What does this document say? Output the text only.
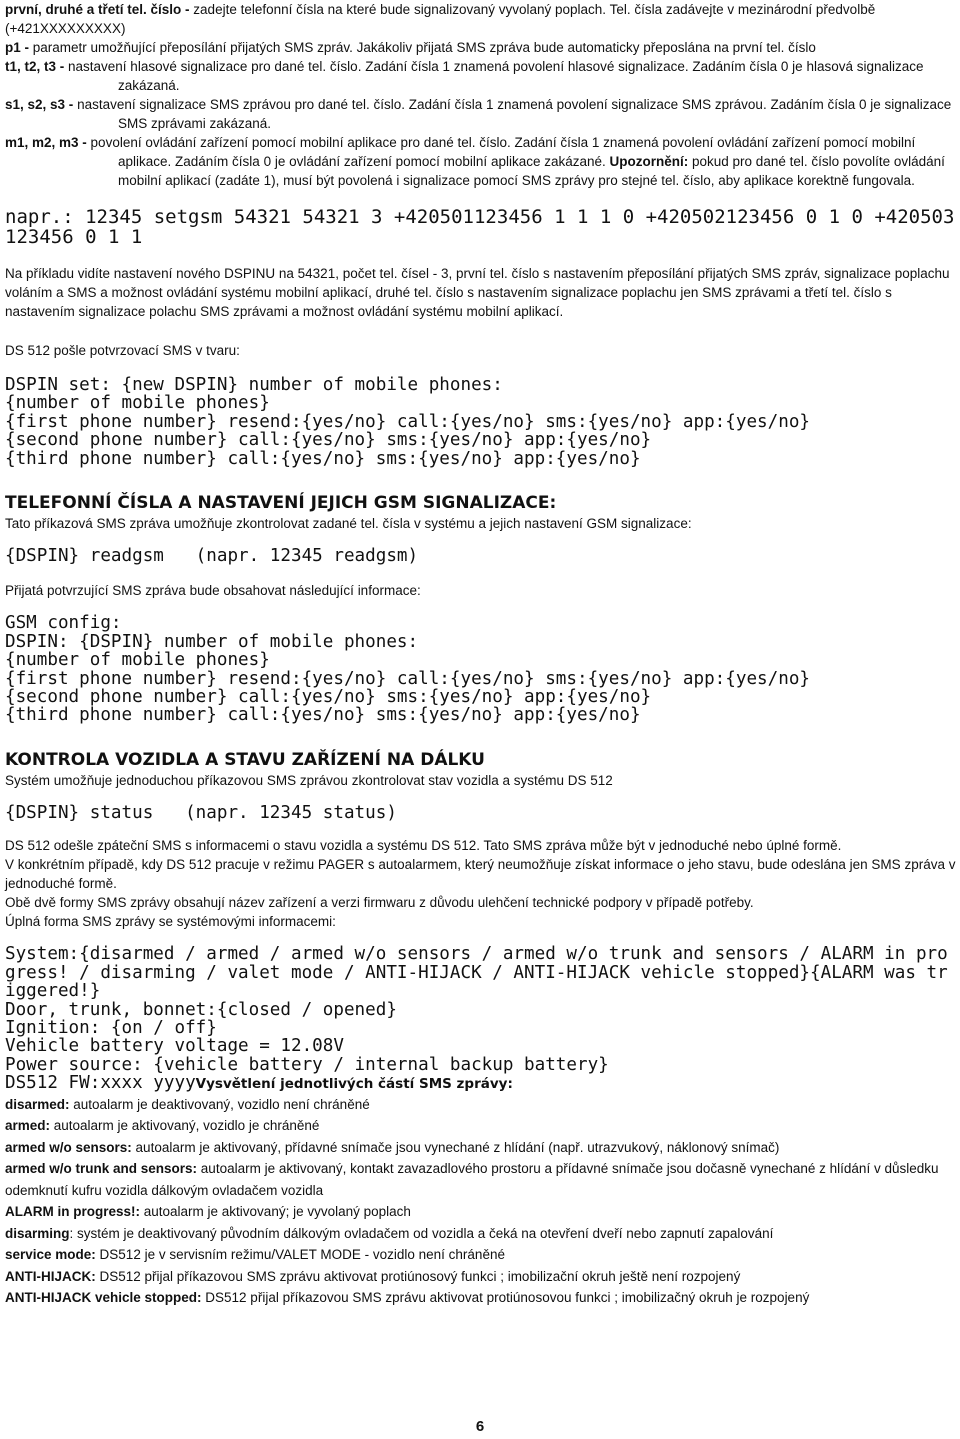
první, druhé a třetí tel. číslo - zadejte telefonní čísla na které bude signalizovaný vyvolaný poplach. Tel. čísla zadávejte v mezinárodní předvolbě (+421XXXXXXXXX)

p1 - parametr umožňující přeposílání přijatých SMS zpráv. Jakákoliv přijatá SMS zpráva bude automaticky přeposlána na první tel. číslo

t1, t2, t3 - nastavení hlasové signalizace pro dané tel. číslo. Zadání čísla 1 znamená povolení hlasové signalizace. Zadáním čísla 0 je hlasová signalizace zakázaná.

s1, s2, s3 - nastavení signalizace SMS zprávou pro dané tel. číslo. Zadání čísla 1 znamená povolení signalizace SMS zprávou. Zadáním čísla 0 je signalizace SMS zprávami zakázaná.

m1, m2, m3 - povolení ovládání zařízení pomocí mobilní aplikace pro dané tel. číslo. Zadání čísla 1 znamená povolení ovládání zařízení pomocí mobilní aplikace. Zadáním čísla 0 je ovládání zařízení pomocí mobilní aplikace zakázané. Upozornění: pokud pro dané tel. číslo povolíte ovládání mobilní aplikací (zadáte 1), musí být povolená i signalizace pomocí SMS zprávy pro stejné tel. číslo, aby aplikace korektně fungovala.

napr.: 12345 setgsm 54321 54321 3 +420501123456 1 1 1 0 +420502123456 0 1 0 +420503123456 0 1 1

Na příkladu vidíte nastavení nového DSPINU na 54321, počet tel. čísel - 3, první tel. číslo s nastavením přeposílání přijatých SMS zpráv, signalizace poplachu voláním a SMS a možnost ovládání systému mobilní aplikací, druhé tel. číslo s nastavením signalizace poplachu jen SMS zprávami a třetí tel. číslo s nastavením signalizace polachu SMS zprávami a možnost ovládání systému mobilní aplikací.

DS 512 pošle potvrzovací SMS v tvaru:

DSPIN set: {new DSPIN} number of mobile phones:

{number of mobile phones}

{first phone number} resend:{yes/no} call:{yes/no} sms:{yes/no} app:{yes/no}

{second phone number} call:{yes/no} sms:{yes/no} app:{yes/no}

{third phone number} call:{yes/no} sms:{yes/no} app:{yes/no}

TELEFONNÍ ČÍSLA A NASTAVENÍ JEJICH GSM SIGNALIZACE:

Tato příkazová SMS zpráva umožňuje zkontrolovat zadané tel. čísla v systému a jejich nastavení GSM signalizace:

{DSPIN} readgsm   (napr. 12345 readgsm)

Přijatá potvrzující SMS zpráva bude obsahovat následující informace:

GSM config:

DSPIN: {DSPIN} number of mobile phones:

{number of mobile phones}

{first phone number} resend:{yes/no} call:{yes/no} sms:{yes/no} app:{yes/no}

{second phone number} call:{yes/no} sms:{yes/no} app:{yes/no}

{third phone number} call:{yes/no} sms:{yes/no} app:{yes/no}

KONTROLA VOZIDLA A STAVU ZAŘÍZENÍ NA DÁLKU

Systém umožňuje jednoduchou příkazovou SMS zprávou zkontrolovat stav vozidla a systému DS 512

{DSPIN} status   (napr. 12345 status)

DS 512 odešle zpáteční SMS s informacemi o stavu vozidla a systému DS 512. Tato SMS zpráva může být v jednoduché nebo úplné formě.

V konkrétním případě, kdy DS 512 pracuje v režimu PAGER s autoalarmem, který neumožňuje získat informace o jeho stavu, bude odeslána jen SMS zpráva v jednoduché formě.

Obě dvě formy SMS zprávy obsahují název zařízení a verzi firmwaru z důvodu ulehčení technické podpory v případě potřeby.

Úplná forma SMS zprávy se systémovými informacemi:

System:{disarmed / armed / armed w/o sensors / armed w/o trunk and sensors / ALARM in progress! / disarming / valet mode / ANTI-HIJACK / ANTI-HIJACK vehicle stopped}{ALARM was triggered!}

Door, trunk, bonnet:{closed / opened}

Ignition: {on / off}

Vehicle battery voltage = 12.08V

Power source: {vehicle battery / internal backup battery}

DS512 FW:xxxx yyyyVysvětlení jednotlivých částí SMS zprávy:

disarmed: autoalarm je deaktivovaný, vozidlo není chráněné

armed: autoalarm je aktivovaný, vozidlo je chráněné

armed w/o sensors: autoalarm je aktivovaný, přídavné snímače jsou vynechané z hlídání (např. utrazvukový, náklonový snímač)

armed w/o trunk and sensors: autoalarm je aktivovaný, kontakt zavazadlového prostoru a přídavné snímače jsou dočasně vynechané z hlídání v důsledku odemknutí kufru vozidla dálkovým ovladačem vozidla

ALARM in progress!: autoalarm je aktivovaný; je vyvolaný poplach

disarming: systém je deaktivovaný původním dálkovým ovladačem od vozidla a čeká na otevření dveří nebo zapnutí zapalování

service mode: DS512 je v servisním režimu/VALET MODE - vozidlo není chráněné

ANTI-HIJACK: DS512 přijal příkazovou SMS zprávu aktivovat protiúnosový funkci ; imobilizační okruh ještě není rozpojený

ANTI-HIJACK vehicle stopped: DS512 přijal příkazovou SMS zprávu aktivovat protiúnosovou funkci ; imobilizačný okruh je rozpojený

6
